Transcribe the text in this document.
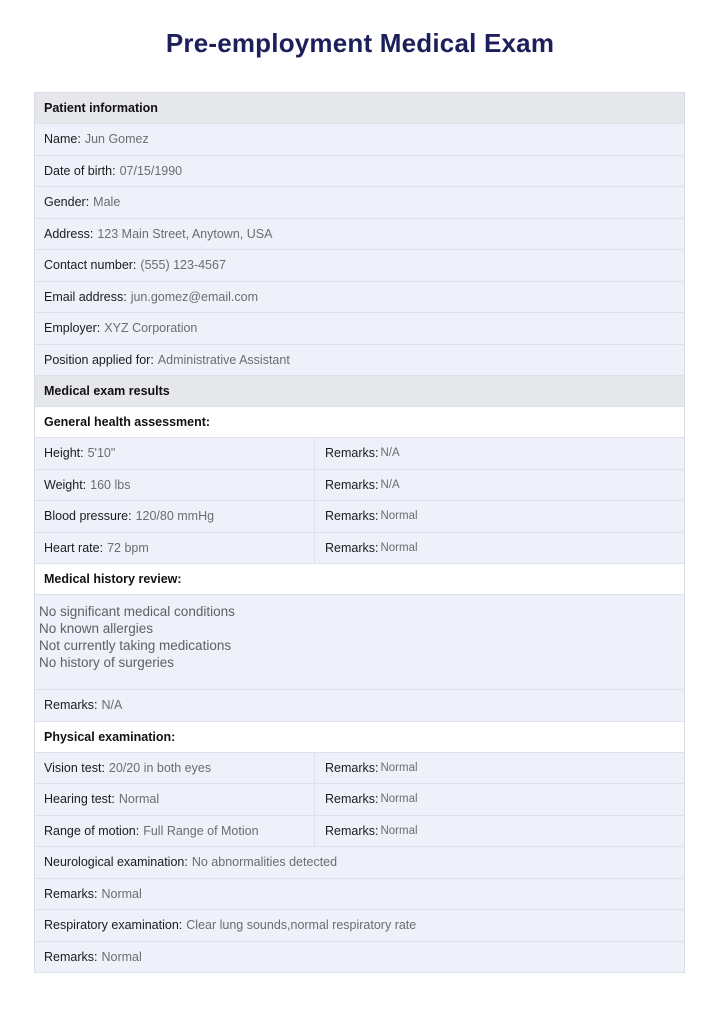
Pre-employment Medical Exam
Patient information
Name: Jun Gomez
Date of birth: 07/15/1990
Gender: Male
Address: 123 Main Street, Anytown, USA
Contact number: (555) 123-4567
Email address: jun.gomez@email.com
Employer: XYZ Corporation
Position applied for: Administrative Assistant
Medical exam results
General health assessment:
Height: 5'10"	Remarks: N/A
Weight: 160 lbs	Remarks: N/A
Blood pressure: 120/80 mmHg	Remarks: Normal
Heart rate: 72 bpm	Remarks: Normal
Medical history review:
No significant medical conditions
No known allergies
Not currently taking medications
No history of surgeries
Remarks: N/A
Physical examination:
Vision test: 20/20 in both eyes	Remarks: Normal
Hearing test: Normal	Remarks: Normal
Range of motion: Full Range of Motion	Remarks: Normal
Neurological examination: No abnormalities detected
Remarks: Normal
Respiratory examination: Clear lung sounds,normal respiratory rate
Remarks: Normal
